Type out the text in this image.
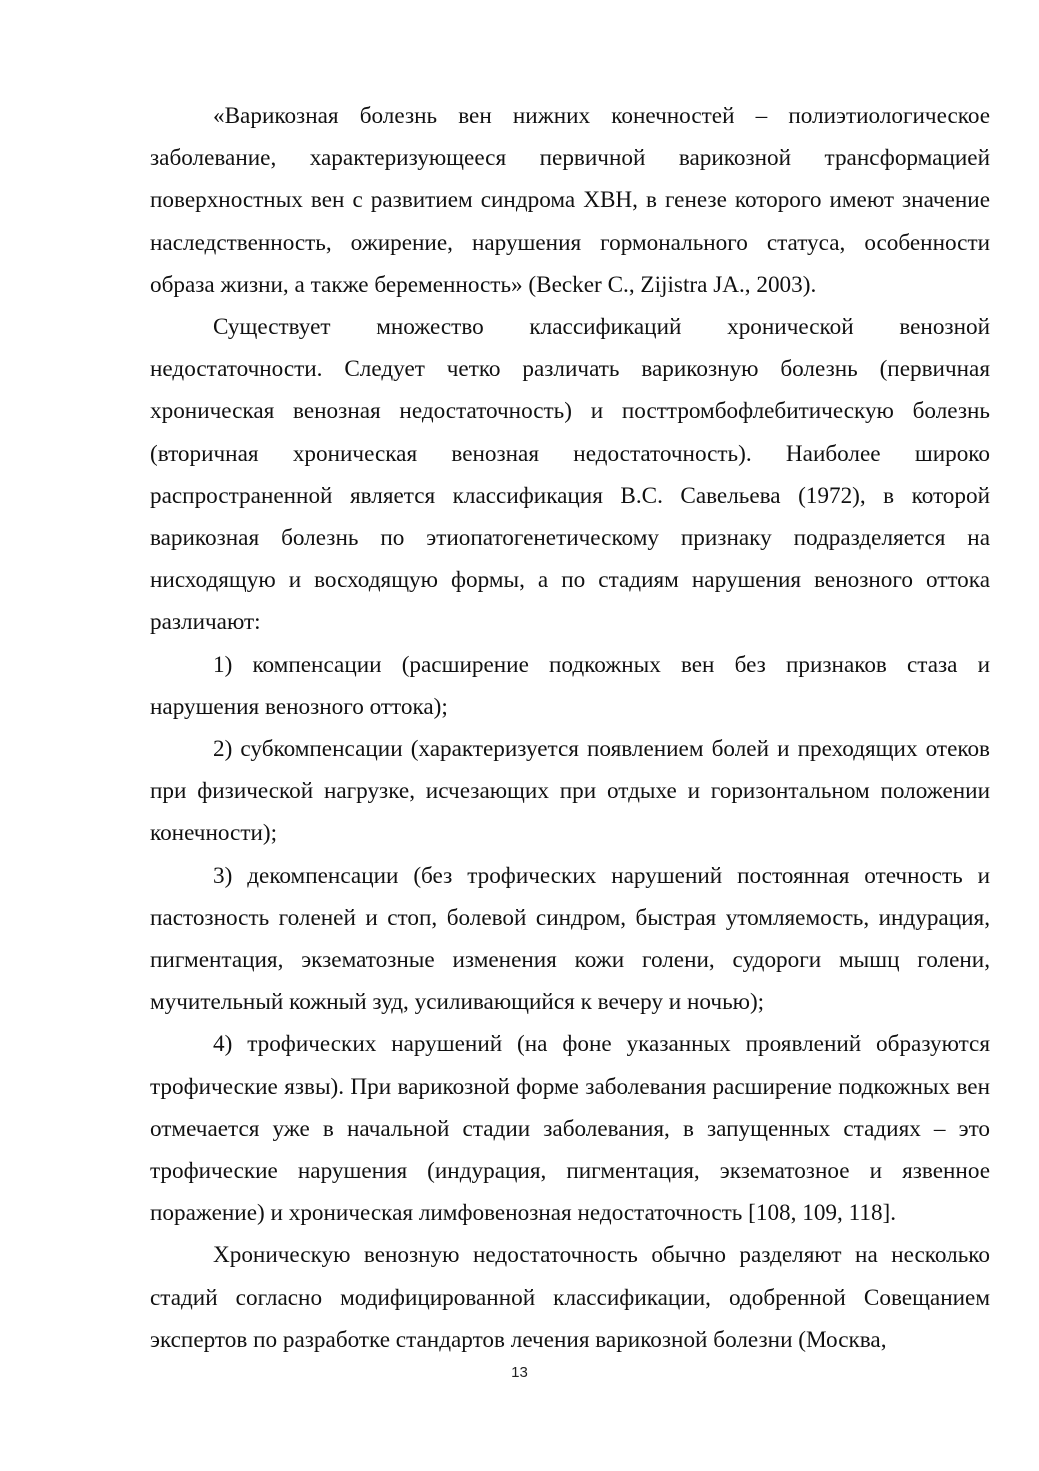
«Варикозная болезнь вен нижних конечностей – полиэтиологическое заболевание, характеризующееся первичной варикозной трансформацией поверхностных вен с развитием синдрома ХВН, в генезе которого имеют значение наследственность, ожирение, нарушения гормонального статуса, особенности образа жизни, а также беременность» (Becker C., Zijistra JA., 2003).

Существует множество классификаций хронической венозной недостаточности. Следует четко различать варикозную болезнь (первичная хроническая венозная недостаточность) и посттромбофлебитическую болезнь (вторичная хроническая венозная недостаточность). Наиболее широко распространенной является классификация В.С. Савельева (1972), в которой варикозная болезнь по этиопатогенетическому признаку подразделяется на нисходящую и восходящую формы, а по стадиям нарушения венозного оттока различают:

1) компенсации (расширение подкожных вен без признаков стаза и нарушения венозного оттока);

2) субкомпенсации (характеризуется появлением болей и преходящих отеков при физической нагрузке, исчезающих при отдыхе и горизонтальном положении конечности);

3) декомпенсации (без трофических нарушений постоянная отечность и пастозность голеней и стоп, болевой синдром, быстрая утомляемость, индурация, пигментация, экзематозные изменения кожи голени, судороги мышц голени, мучительный кожный зуд, усиливающийся к вечеру и ночью);

4) трофических нарушений (на фоне указанных проявлений образуются трофические язвы). При варикозной форме заболевания расширение подкожных вен отмечается уже в начальной стадии заболевания, в запущенных стадиях – это трофические нарушения (индурация, пигментация, экзематозное и язвенное поражение) и хроническая лимфовенозная недостаточность [108, 109, 118].

Хроническую венозную недостаточность обычно разделяют на несколько стадий согласно модифицированной классификации, одобренной Совещанием экспертов по разработке стандартов лечения варикозной болезни (Москва,

13
